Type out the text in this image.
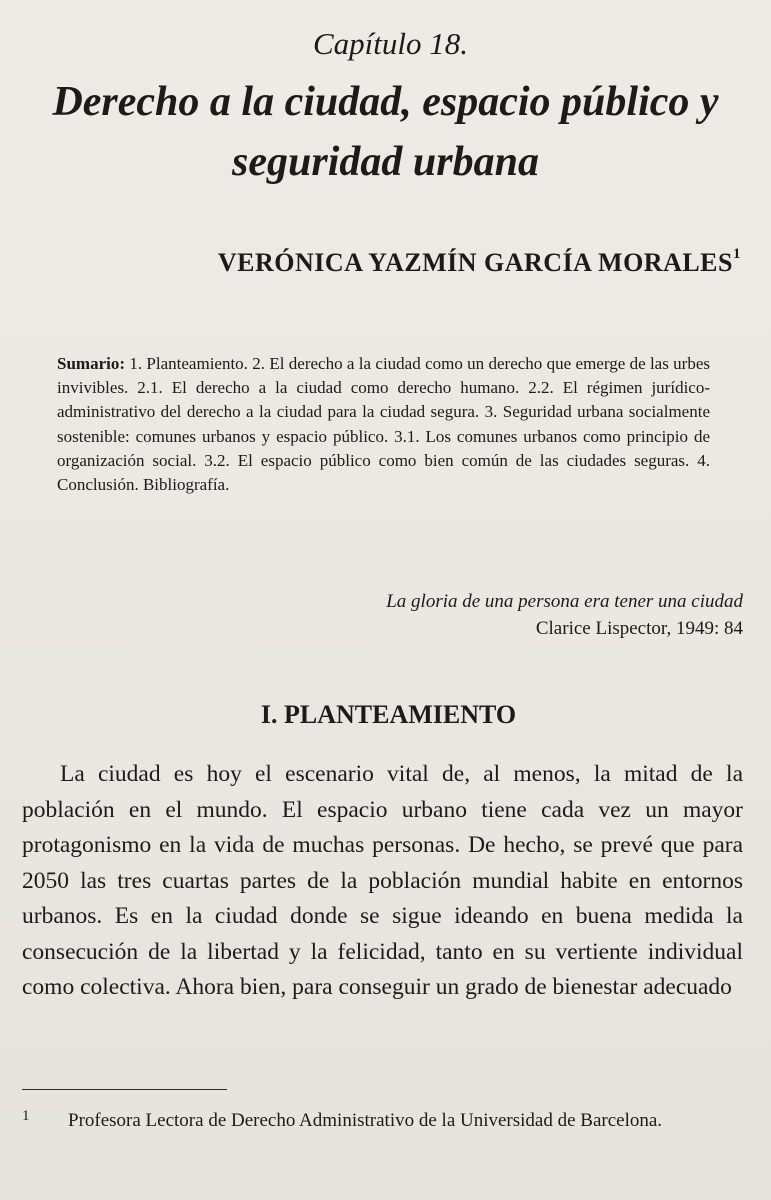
Capítulo 18.
Derecho a la ciudad, espacio público y seguridad urbana
VERÓNICA YAZMÍN GARCÍA MORALES$^1$
Sumario: 1. Planteamiento. 2. El derecho a la ciudad como un derecho que emerge de las urbes invivibles. 2.1. El derecho a la ciudad como derecho humano. 2.2. El régimen jurídico-administrativo del derecho a la ciudad para la ciudad segura. 3. Seguridad urbana socialmente sostenible: comunes urbanos y espacio público. 3.1. Los comunes urbanos como principio de organización social. 3.2. El espacio público como bien común de las ciudades seguras. 4. Conclusión. Bibliografía.
La gloria de una persona era tener una ciudad
Clarice Lispector, 1949: 84
I. PLANTEAMIENTO

La ciudad es hoy el escenario vital de, al menos, la mitad de la población en el mundo. El espacio urbano tiene cada vez un mayor protagonismo en la vida de muchas personas. De hecho, se prevé que para 2050 las tres cuartas partes de la población mundial habite en entornos urbanos. Es en la ciudad donde se sigue ideando en buena medida la consecución de la libertad y la felicidad, tanto en su vertiente individual como colectiva. Ahora bien, para conseguir un grado de bienestar adecuado

1 Profesora Lectora de Derecho Administrativo de la Universidad de Barcelona.
